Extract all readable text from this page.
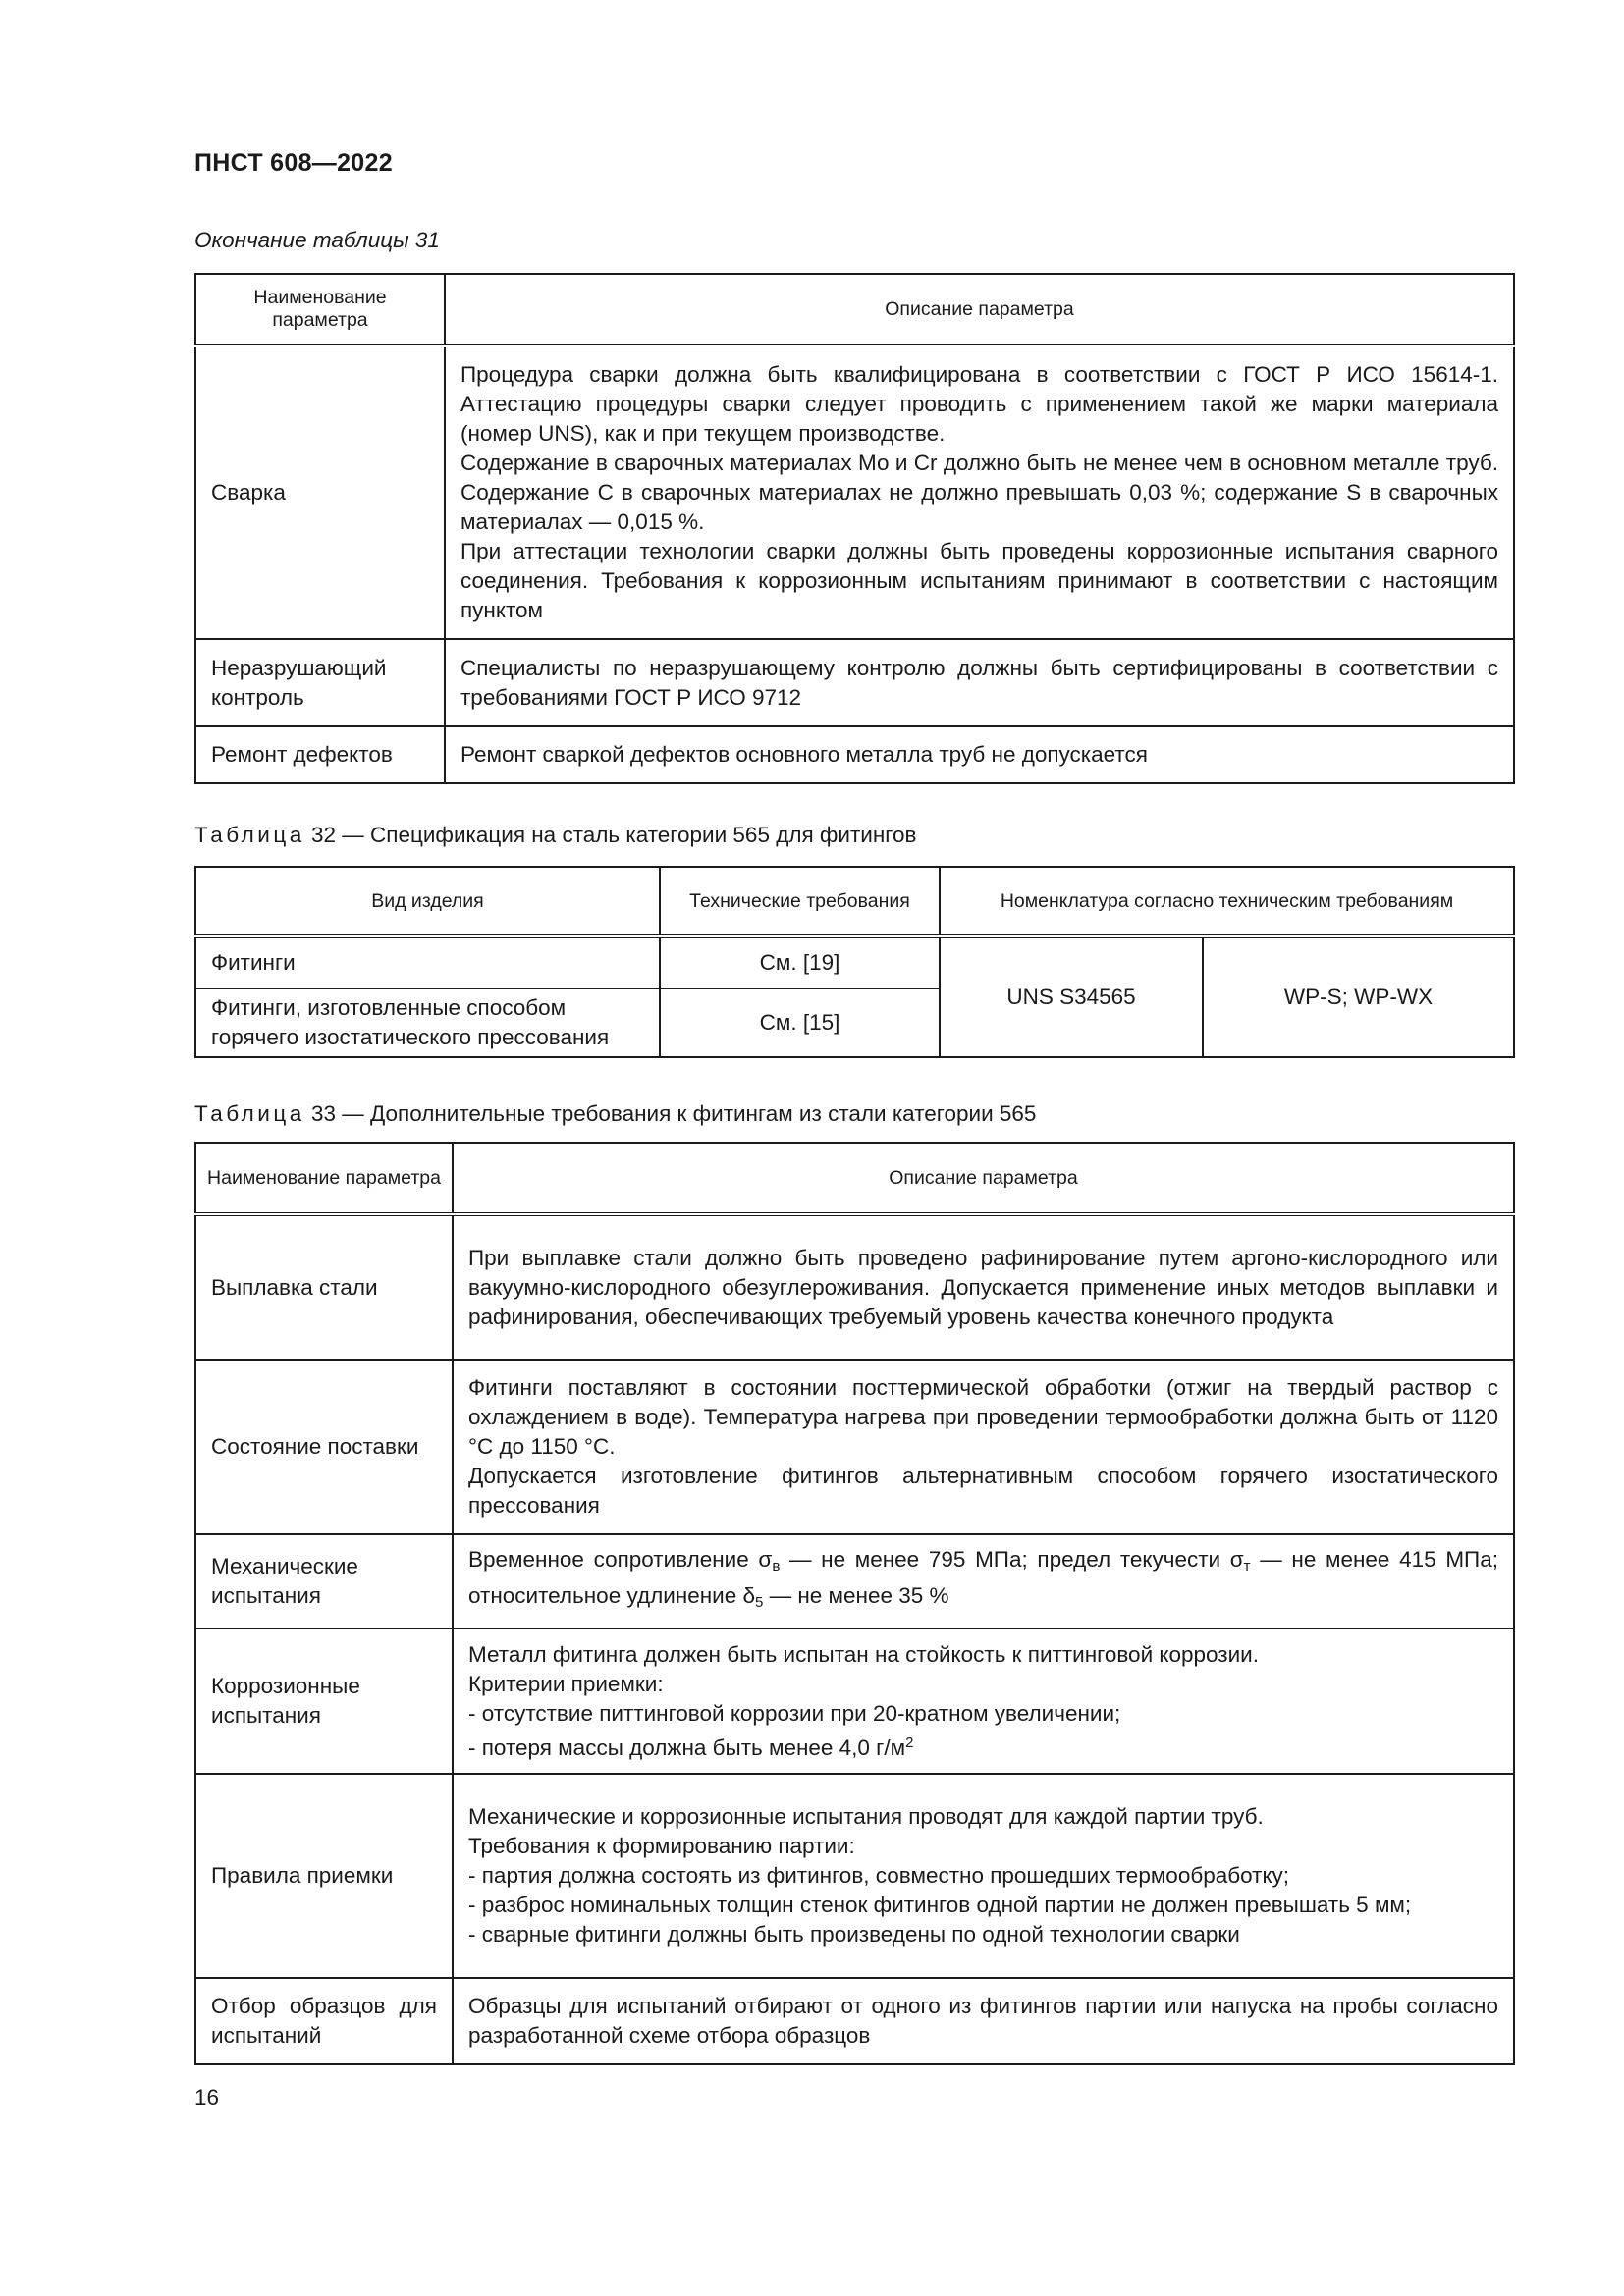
ПНСТ 608—2022
Окончание таблицы 31
Наименование параметра	Описание параметра
Сварка	Процедура сварки должна быть квалифицирована в соответствии с ГОСТ Р ИСО 15614-1. Аттестацию процедуры сварки следует проводить с применением такой же марки материала (номер UNS), как и при текущем производстве.
Содержание в сварочных материалах Мо и Cr должно быть не менее чем в основном металле труб. Содержание С в сварочных материалах не должно превышать 0,03 %; содержание S в сварочных материалах — 0,015 %.
При аттестации технологии сварки должны быть проведены коррозионные испытания сварного соединения. Требования к коррозионным испытаниям принимают в соответствии с настоящим пунктом

Неразрушающий контроль	Специалисты по неразрушающему контролю должны быть сертифицированы в соответствии с требованиями ГОСТ Р ИСО 9712
Ремонт дефектов	Ремонт сваркой дефектов основного металла труб не допускается
Таблица 32 — Спецификация на сталь категории 565 для фитингов
Вид изделия	Технические требования	Номенклатура согласно техническим требованиям	
Фитинги	См. [19]	UNS S34565	WP-S; WP-WX
Фитинги, изготовленные способом горячего изостатического прессования	См. [15]		
Таблица 33 — Дополнительные требования к фитингам из стали категории 565
Наименование параметра	Описание параметра
Выплавка стали	При выплавке стали должно быть проведено рафинирование путем аргоно-кислородного или вакуумно-кислородного обезуглероживания. Допускается применение иных методов выплавки и рафинирования, обеспечивающих требуемый уровень качества конечного продукта
Состояние поставки	Фитинги поставляют в состоянии посттермической обработки (отжиг на твердый раствор с охлаждением в воде). Температура нагрева при проведении термообработки должна быть от 1120 °С до 1150 °С.
Допускается изготовление фитингов альтернативным способом горячего изостатического прессования

Механические испытания	Временное сопротивление $\sigma_в$ — не менее 795 МПа; предел текучести $\sigma_т$ — не менее 415 МПа; относительное удлинение $\delta_5$ — не менее 35 %
Коррозионные испытания	Металл фитинга должен быть испытан на стойкость к питтинговой коррозии.
Критерии приемки:
- отсутствие питтинговой коррозии при 20-кратном увеличении;
- потеря массы должна быть менее 4,0 $г/м^2$

Правила приемки	Механические и коррозионные испытания проводят для каждой партии труб.
Требования к формированию партии:
- партия должна состоять из фитингов, совместно прошедших термообработку;
- разброс номинальных толщин стенок фитингов одной партии не должен превышать 5 мм;
- сварные фитинги должны быть произведены по одной технологии сварки

Отбор образцов для испытаний	Образцы для испытаний отбирают от одного из фитингов партии или напуска на пробы согласно разработанной схеме отбора образцов
16
